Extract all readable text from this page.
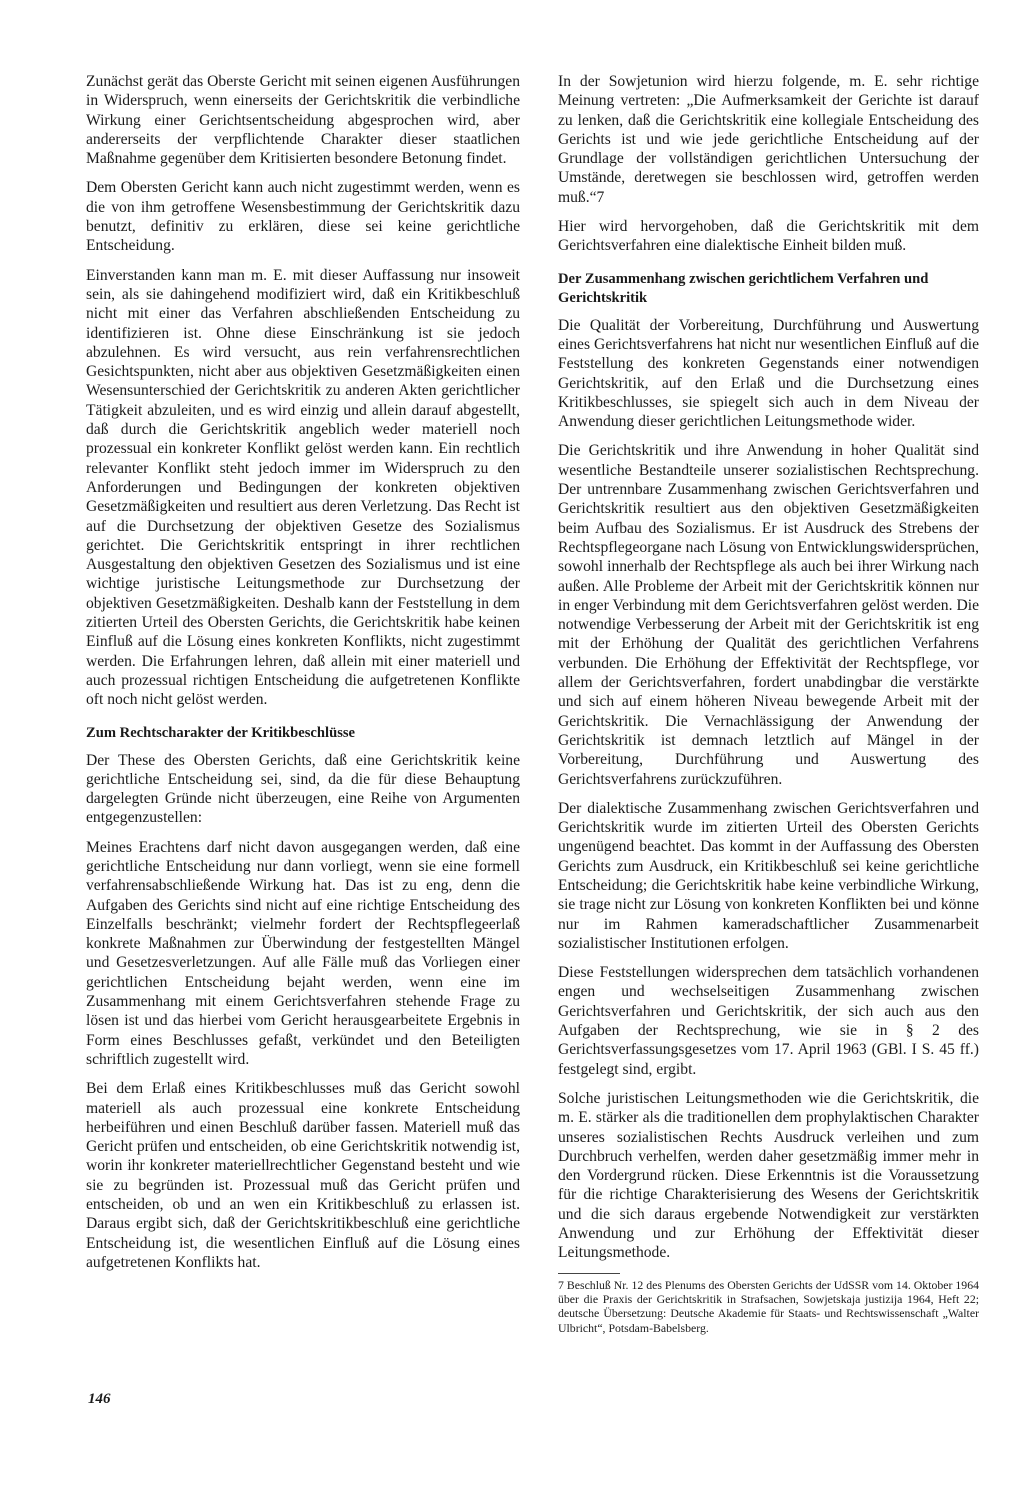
Zunächst gerät das Oberste Gericht mit seinen eigenen Ausführungen in Widerspruch, wenn einerseits der Gerichtskritik die verbindliche Wirkung einer Gerichtsentscheidung abgesprochen wird, aber andererseits der verpflichtende Charakter dieser staatlichen Maßnahme gegenüber dem Kritisierten besondere Betonung findet.

Dem Obersten Gericht kann auch nicht zugestimmt werden, wenn es die von ihm getroffene Wesensbestimmung der Gerichtskritik dazu benutzt, definitiv zu erklären, diese sei keine gerichtliche Entscheidung.

Einverstanden kann man m. E. mit dieser Auffassung nur insoweit sein, als sie dahingehend modifiziert wird, daß ein Kritikbeschluß nicht mit einer das Verfahren abschließenden Entscheidung zu identifizieren ist. Ohne diese Einschränkung ist sie jedoch abzulehnen. Es wird versucht, aus rein verfahrensrechtlichen Gesichtspunkten, nicht aber aus objektiven Gesetzmäßigkeiten einen Wesensunterschied der Gerichtskritik zu anderen Akten gerichtlicher Tätigkeit abzuleiten, und es wird einzig und allein darauf abgestellt, daß durch die Gerichtskritik angeblich weder materiell noch prozessual ein konkreter Konflikt gelöst werden kann. Ein rechtlich relevanter Konflikt steht jedoch immer im Widerspruch zu den Anforderungen und Bedingungen der konkreten objektiven Gesetzmäßigkeiten und resultiert aus deren Verletzung. Das Recht ist auf die Durchsetzung der objektiven Gesetze des Sozialismus gerichtet. Die Gerichtskritik entspringt in ihrer rechtlichen Ausgestaltung den objektiven Gesetzen des Sozialismus und ist eine wichtige juristische Leitungsmethode zur Durchsetzung der objektiven Gesetzmäßigkeiten. Deshalb kann der Feststellung in dem zitierten Urteil des Obersten Gerichts, die Gerichtskritik habe keinen Einfluß auf die Lösung eines konkreten Konflikts, nicht zugestimmt werden. Die Erfahrungen lehren, daß allein mit einer materiell und auch prozessual richtigen Entscheidung die aufgetretenen Konflikte oft noch nicht gelöst werden.

Zum Rechtscharakter der Kritikbeschlüsse

Der These des Obersten Gerichts, daß eine Gerichtskritik keine gerichtliche Entscheidung sei, sind, da die für diese Behauptung dargelegten Gründe nicht überzeugen, eine Reihe von Argumenten entgegenzustellen:

Meines Erachtens darf nicht davon ausgegangen werden, daß eine gerichtliche Entscheidung nur dann vorliegt, wenn sie eine formell verfahrensabschließende Wirkung hat. Das ist zu eng, denn die Aufgaben des Gerichts sind nicht auf eine richtige Entscheidung des Einzelfalls beschränkt; vielmehr fordert der Rechtspflegeerlaß konkrete Maßnahmen zur Überwindung der festgestellten Mängel und Gesetzesverletzungen. Auf alle Fälle muß das Vorliegen einer gerichtlichen Entscheidung bejaht werden, wenn eine im Zusammenhang mit einem Gerichtsverfahren stehende Frage zu lösen ist und das hierbei vom Gericht herausgearbeitete Ergebnis in Form eines Beschlusses gefaßt, verkündet und den Beteiligten schriftlich zugestellt wird.

Bei dem Erlaß eines Kritikbeschlusses muß das Gericht sowohl materiell als auch prozessual eine konkrete Entscheidung herbeiführen und einen Beschluß darüber fassen. Materiell muß das Gericht prüfen und entscheiden, ob eine Gerichtskritik notwendig ist, worin ihr konkreter materiellrechtlicher Gegenstand besteht und wie sie zu begründen ist. Prozessual muß das Gericht prüfen und entscheiden, ob und an wen ein Kritikbeschluß zu erlassen ist. Daraus ergibt sich, daß der Gerichtskritikbeschluß eine gerichtliche Entscheidung ist, die wesentlichen Einfluß auf die Lösung eines aufgetretenen Konflikts hat.

In der Sowjetunion wird hierzu folgende, m. E. sehr richtige Meinung vertreten: „Die Aufmerksamkeit der Gerichte ist darauf zu lenken, daß die Gerichtskritik eine kollegiale Entscheidung des Gerichts ist und wie jede gerichtliche Entscheidung auf der Grundlage der vollständigen gerichtlichen Untersuchung der Umstände, deretwegen sie beschlossen wird, getroffen werden muß.“7

Hier wird hervorgehoben, daß die Gerichtskritik mit dem Gerichtsverfahren eine dialektische Einheit bilden muß.

Der Zusammenhang zwischen gerichtlichem Verfahren und Gerichtskritik

Die Qualität der Vorbereitung, Durchführung und Auswertung eines Gerichtsverfahrens hat nicht nur wesentlichen Einfluß auf die Feststellung des konkreten Gegenstands einer notwendigen Gerichtskritik, auf den Erlaß und die Durchsetzung eines Kritikbeschlusses, sie spiegelt sich auch in dem Niveau der Anwendung dieser gerichtlichen Leitungsmethode wider.

Die Gerichtskritik und ihre Anwendung in hoher Qualität sind wesentliche Bestandteile unserer sozialistischen Rechtsprechung. Der untrennbare Zusammenhang zwischen Gerichtsverfahren und Gerichtskritik resultiert aus den objektiven Gesetzmäßigkeiten beim Aufbau des Sozialismus. Er ist Ausdruck des Strebens der Rechtspflegeorgane nach Lösung von Entwicklungswidersprüchen, sowohl innerhalb der Rechtspflege als auch bei ihrer Wirkung nach außen. Alle Probleme der Arbeit mit der Gerichtskritik können nur in enger Verbindung mit dem Gerichtsverfahren gelöst werden. Die notwendige Verbesserung der Arbeit mit der Gerichtskritik ist eng mit der Erhöhung der Qualität des gerichtlichen Verfahrens verbunden. Die Erhöhung der Effektivität der Rechtspflege, vor allem der Gerichtsverfahren, fordert unabdingbar die verstärkte und sich auf einem höheren Niveau bewegende Arbeit mit der Gerichtskritik. Die Vernachlässigung der Anwendung der Gerichtskritik ist demnach letztlich auf Mängel in der Vorbereitung, Durchführung und Auswertung des Gerichtsverfahrens zurückzuführen.

Der dialektische Zusammenhang zwischen Gerichtsverfahren und Gerichtskritik wurde im zitierten Urteil des Obersten Gerichts ungenügend beachtet. Das kommt in der Auffassung des Obersten Gerichts zum Ausdruck, ein Kritikbeschluß sei keine gerichtliche Entscheidung; die Gerichtskritik habe keine verbindliche Wirkung, sie trage nicht zur Lösung von konkreten Konflikten bei und könne nur im Rahmen kameradschaftlicher Zusammenarbeit sozialistischer Institutionen erfolgen.

Diese Feststellungen widersprechen dem tatsächlich vorhandenen engen und wechselseitigen Zusammenhang zwischen Gerichtsverfahren und Gerichtskritik, der sich auch aus den Aufgaben der Rechtsprechung, wie sie in § 2 des Gerichtsverfassungsgesetzes vom 17. April 1963 (GBl. I S. 45 ff.) festgelegt sind, ergibt.

Solche juristischen Leitungsmethoden wie die Gerichtskritik, die m. E. stärker als die traditionellen dem prophylaktischen Charakter unseres sozialistischen Rechts Ausdruck verleihen und zum Durchbruch verhelfen, werden daher gesetzmäßig immer mehr in den Vordergrund rücken. Diese Erkenntnis ist die Voraussetzung für die richtige Charakterisierung des Wesens der Gerichtskritik und die sich daraus ergebende Notwendigkeit zur verstärkten Anwendung und zur Erhöhung der Effektivität dieser Leitungsmethode.

7 Beschluß Nr. 12 des Plenums des Obersten Gerichts der UdSSR vom 14. Oktober 1964 über die Praxis der Gerichtskritik in Strafsachen, Sowjetskaja justizija 1964, Heft 22; deutsche Übersetzung: Deutsche Akademie für Staats- und Rechtswissenschaft „Walter Ulbricht“, Potsdam-Babelsberg.

146
